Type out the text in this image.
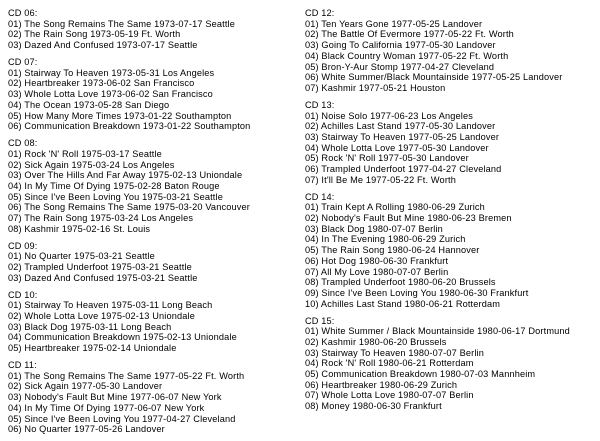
CD 06:
01) The Song Remains The Same 1973-07-17 Seattle
02) The Rain Song 1973-05-19 Ft. Worth
03) Dazed And Confused 1973-07-17 Seattle
CD 07:
01) Stairway To Heaven 1973-05-31 Los Angeles
02) Heartbreaker 1973-06-02 San Francisco
03) Whole Lotta Love 1973-06-02 San Francisco
04) The Ocean 1973-05-28 San Diego
05) How Many More Times 1973-01-22 Southampton
06) Communication Breakdown 1973-01-22 Southampton
CD 08:
01) Rock 'N' Roll 1975-03-17 Seattle
02) Sick Again 1975-03-24 Los Angeles
03) Over The Hills And Far Away 1975-02-13 Uniondale
04) In My Time Of Dying 1975-02-28 Baton Rouge
05) Since I've Been Loving You 1975-03-21 Seattle
06) The Song Remains The Same 1975-03-20 Vancouver
07) The Rain Song 1975-03-24 Los Angeles
08) Kashmir 1975-02-16 St. Louis
CD 09:
01) No Quarter 1975-03-21 Seattle
02) Trampled Underfoot 1975-03-21 Seattle
03) Dazed And Confused 1975-03-21 Seattle
CD 10:
01) Stairway To Heaven 1975-03-11 Long Beach
02) Whole Lotta Love 1975-02-13 Uniondale
03) Black Dog 1975-03-11 Long Beach
04) Communication Breakdown 1975-02-13 Uniondale
05) Heartbreaker 1975-02-14 Uniondale
CD 11:
01) The Song Remains The Same 1977-05-22 Ft. Worth
02) Sick Again 1977-05-30 Landover
03) Nobody's Fault But Mine 1977-06-07 New York
04) In My Time Of Dying 1977-06-07 New York
05) Since I've Been Loving You 1977-04-27 Cleveland
06) No Quarter 1977-05-26 Landover
CD 12:
01) Ten Years Gone 1977-05-25 Landover
02) The Battle Of Evermore 1977-05-22 Ft. Worth
03) Going To California 1977-05-30 Landover
04) Black Country Woman 1977-05-22 Ft. Worth
05) Bron-Y-Aur Stomp 1977-04-27 Cleveland
06) White Summer/Black Mountainside 1977-05-25 Landover
07) Kashmir 1977-05-21 Houston
CD 13:
01) Noise Solo 1977-06-23 Los Angeles
02) Achilles Last Stand 1977-05-30 Landover
03) Stairway To Heaven 1977-05-25 Landover
04) Whole Lotta Love 1977-05-30 Landover
05) Rock 'N' Roll 1977-05-30 Landover
06) Trampled Underfoot 1977-04-27 Cleveland
07) It'll Be Me 1977-05-22 Ft. Worth
CD 14:
01) Train Kept A Rolling 1980-06-29 Zurich
02) Nobody's Fault But Mine 1980-06-23 Bremen
03) Black Dog 1980-07-07 Berlin
04) In The Evening 1980-06-29 Zurich
05) The Rain Song 1980-06-24 Hannover
06) Hot Dog 1980-06-30 Frankfurt
07) All My Love 1980-07-07 Berlin
08) Trampled Underfoot 1980-06-20 Brussels
09) Since I've Been Loving You 1980-06-30 Frankfurt
10) Achilles Last Stand 1980-06-21 Rotterdam
CD 15:
01) White Summer / Black Mountainside 1980-06-17 Dortmund
02) Kashmir 1980-06-20 Brussels
03) Stairway To Heaven 1980-07-07 Berlin
04) Rock 'N' Roll 1980-06-21 Rotterdam
05) Communication Breakdown 1980-07-03 Mannheim
06) Heartbreaker 1980-06-29 Zurich
07) Whole Lotta Love 1980-07-07 Berlin
08) Money 1980-06-30 Frankfurt
